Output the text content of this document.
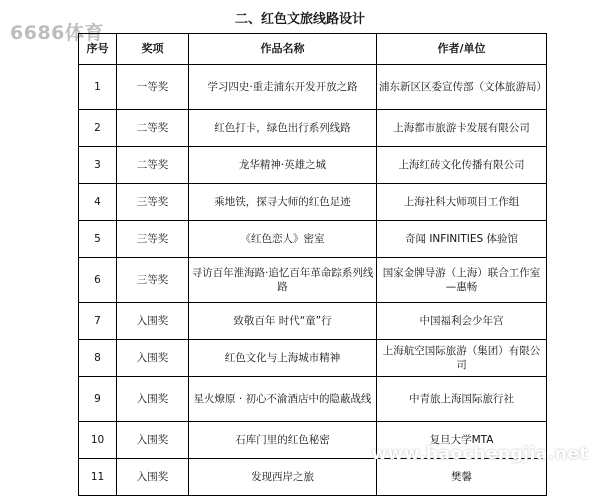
6686体育
二、红色文旅线路设计
序号	奖项	作品名称	作者/单位
1	一等奖	学习四史·重走浦东开发开放之路	浦东新区区委宣传部（文体旅游局）
2	二等奖	红色打卡，绿色出行系列线路	上海都市旅游卡发展有限公司
3	二等奖	龙华精神·英雄之城	上海红砖文化传播有限公司
4	三等奖	乘地铁，探寻大师的红色足迹	上海社科大师项目工作组
5	三等奖	《红色恋人》密室	奇闻 INFINITIES 体验馆
6	三等奖	寻访百年淮海路·追忆百年革命踪系列线路	国家金牌导游（上海）联合工作室—惠畅
7	入围奖	致敬百年 时代“童”行	中国福利会少年宫
8	入围奖	红色文化与上海城市精神	上海航空国际旅游（集团）有限公司
9	入围奖	星火燎原 · 初心不渝酒店中的隐蔽战线	中青旅上海国际旅行社
10	入围奖	石库门里的红色秘密	复旦大学MTA
11	入围奖	发现西岸之旅	樊馨
www.haochengjia.net
